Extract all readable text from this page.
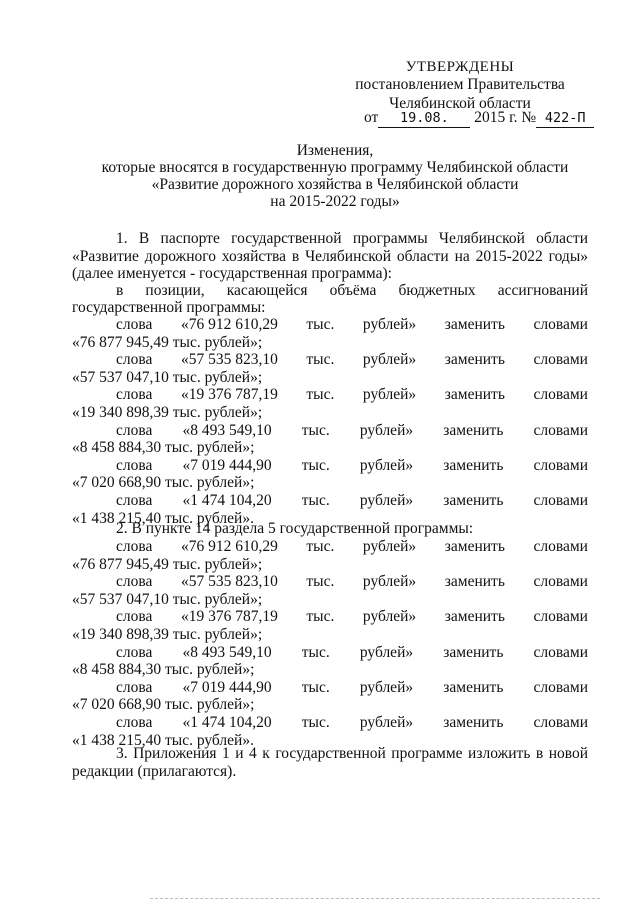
УТВЕРЖДЕНЫ
постановлением Правительства
Челябинской области
от 19.08. 2015 г. № 422-П
Изменения,
которые вносятся в государственную программу Челябинской области
«Развитие дорожного хозяйства в Челябинской области
на 2015-2022 годы»
1. В паспорте государственной программы Челябинской области
«Развитие дорожного хозяйства в Челябинской области на 2015-2022 годы»
(далее именуется - государственная программа):
в позиции, касающейся объёма бюджетных ассигнований
государственной программы:
слова «76 912 610,29 тыс. рублей» заменить словами
«76 877 945,49 тыс. рублей»;
слова «57 535 823,10 тыс. рублей» заменить словами
«57 537 047,10 тыс. рублей»;
слова «19 376 787,19 тыс. рублей» заменить словами
«19 340 898,39 тыс. рублей»;
слова «8 493 549,10 тыс. рублей» заменить словами
«8 458 884,30 тыс. рублей»;
слова «7 019 444,90 тыс. рублей» заменить словами
«7 020 668,90 тыс. рублей»;
слова «1 474 104,20 тыс. рублей» заменить словами
«1 438 215,40 тыс. рублей».
2. В пункте 14 раздела 5 государственной программы:
слова «76 912 610,29 тыс. рублей» заменить словами
«76 877 945,49 тыс. рублей»;
слова «57 535 823,10 тыс. рублей» заменить словами
«57 537 047,10 тыс. рублей»;
слова «19 376 787,19 тыс. рублей» заменить словами
«19 340 898,39 тыс. рублей»;
слова «8 493 549,10 тыс. рублей» заменить словами
«8 458 884,30 тыс. рублей»;
слова «7 019 444,90 тыс. рублей» заменить словами
«7 020 668,90 тыс. рублей»;
слова «1 474 104,20 тыс. рублей» заменить словами
«1 438 215,40 тыс. рублей».
3. Приложения 1 и 4 к государственной программе изложить в новой
редакции (прилагаются).
